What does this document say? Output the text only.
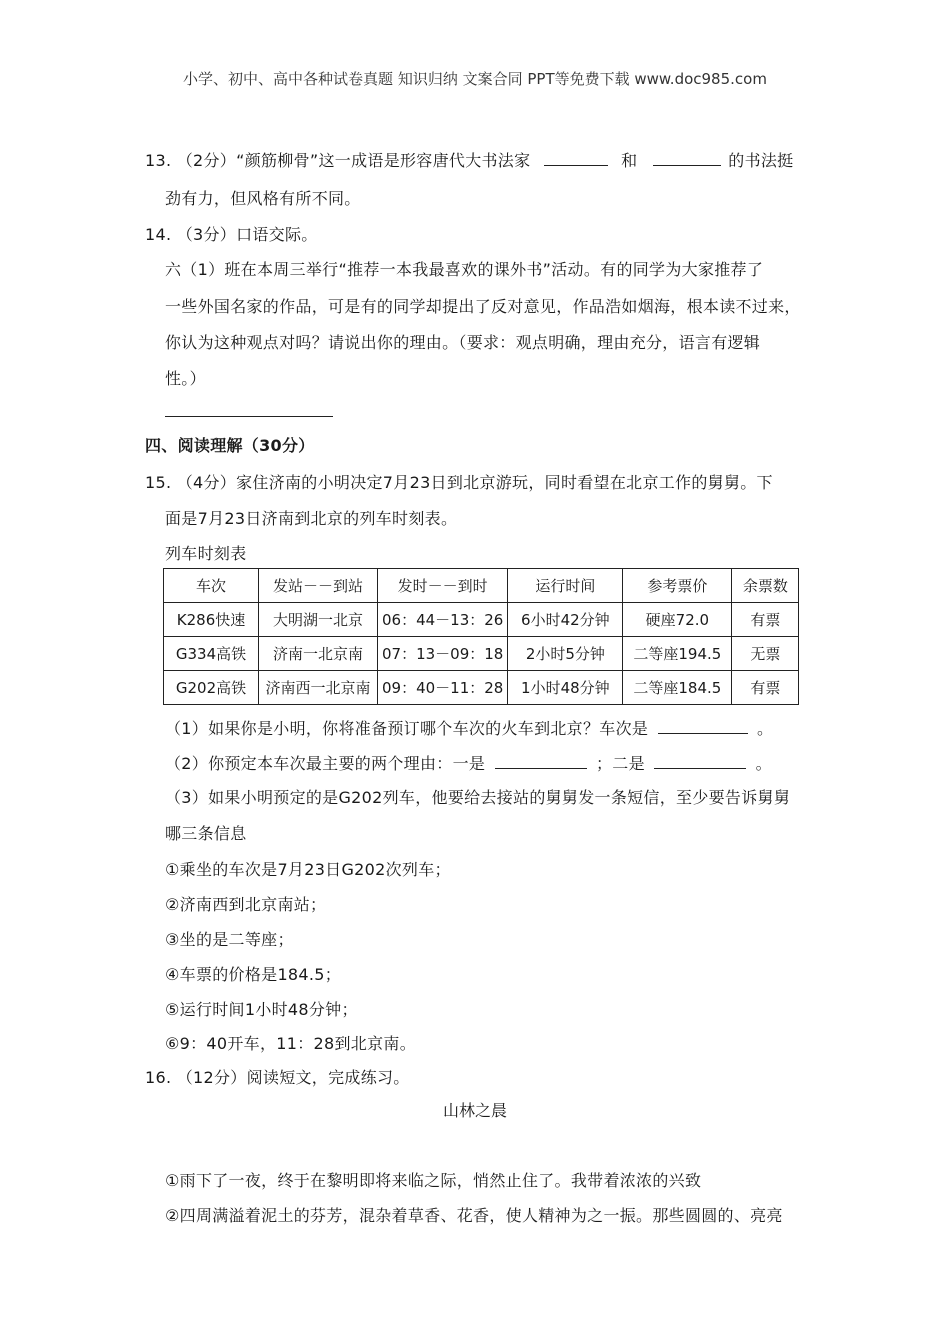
小学、初中、高中各种试卷真题 知识归纳 文案合同 PPT等免费下载 www.doc985.com
13. （2分）“颜筋柳骨”这一成语是形容唐代大书法家	和	的书法挺
劲有力，但风格有所不同。
14. （3分）口语交际。
六（1）班在本周三举行“推荐一本我最喜欢的课外书”活动。有的同学为大家推荐了
一些外国名家的作品，可是有的同学却提出了反对意见，作品浩如烟海，根本读不过来，
你认为这种观点对吗？请说出你的理由。（要求：观点明确，理由充分，语言有逻辑
性。）
四、阅读理解（30分）
15. （4分）家住济南的小明决定7月23日到北京游玩，同时看望在北京工作的舅舅。下
面是7月23日济南到北京的列车时刻表。
列车时刻表
车次	发站－－到站	发时－－到时	运行时间	参考票价	余票数
K286快速	大明湖一北京	06：44－13：26	6小时42分钟	硬座72.0	有票
G334高铁	济南一北京南	07：13－09：18	2小时5分钟	二等座194.5	无票
G202高铁	济南西一北京南	09：40－11：28	1小时48分钟	二等座184.5	有票
（1）如果你是小明，你将准备预订哪个车次的火车到北京？车次是	。
（2）你预定本车次最主要的两个理由：一是	；二是	。
（3）如果小明预定的是G202列车，他要给去接站的舅舅发一条短信，至少要告诉舅舅
哪三条信息
①乘坐的车次是7月23日G202次列车；
②济南西到北京南站；
③坐的是二等座；
④车票的价格是184.5；
⑤运行时间1小时48分钟；
⑥9：40开车，11：28到北京南。
16. （12分）阅读短文，完成练习。
山林之晨
①雨下了一夜，终于在黎明即将来临之际，悄然止住了。我带着浓浓的兴致
②四周满溢着泥土的芬芳，混杂着草香、花香，使人精神为之一振。那些圆圆的、亮亮
